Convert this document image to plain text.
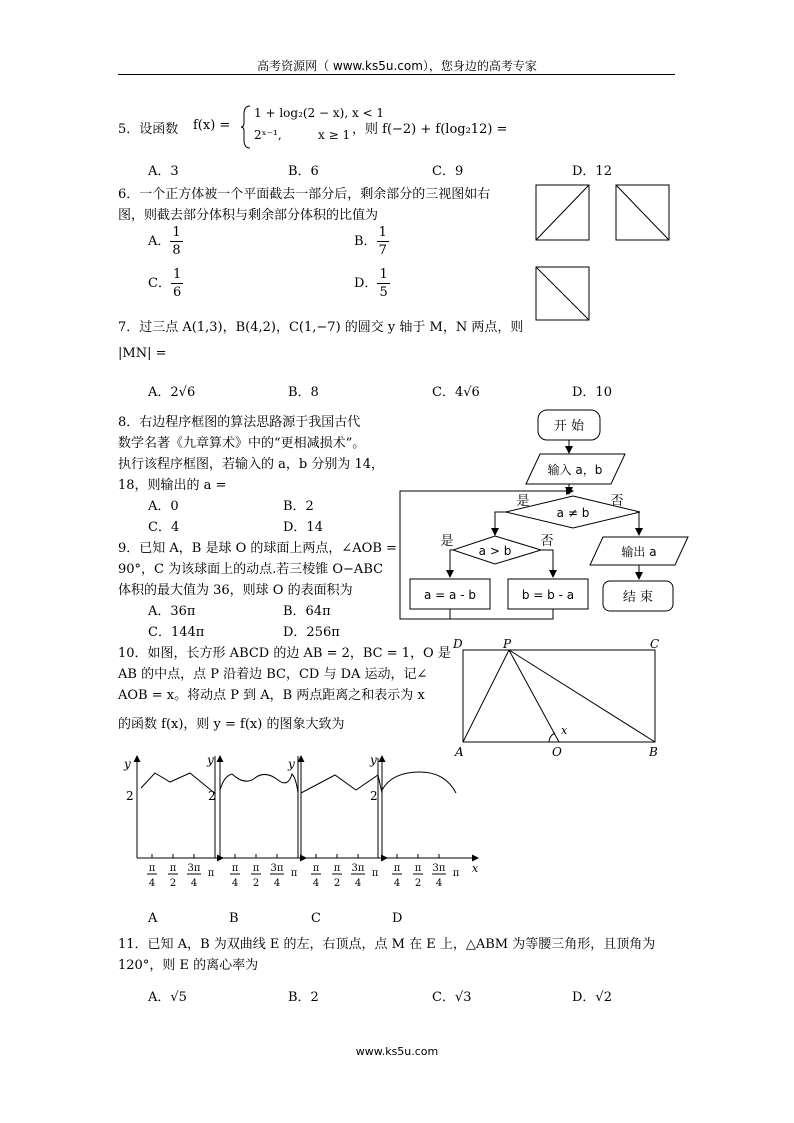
高考资源网（ www.ks5u.com），您身边的高考专家
www.ks5u.com
5．设函数 f(x) =
1 + log₂(2 − x), x < 1
2ˣ⁻¹,	x ≥ 1 ，则 f(−2) + f(log₂12) =
A．3	B．6	C．9	D．12
6．一个正方体被一个平面截去一部分后，剩余部分的三视图如右
图，则截去部分体积与剩余部分体积的比值为
A． $\frac{1}{8}$	B． $\frac{1}{7}$
C． $\frac{1}{6}$	D． $\frac{1}{5}$
7．过三点 A(1,3)，B(4,2)，C(1,−7) 的圆交 y 轴于 M，N 两点，则
|MN| =
A．2√6	B．8	C．4√6	D．10
8．右边程序框图的算法思路源于我国古代
数学名著《九章算术》中的“更相减损术”。
执行该程序框图，若输入的 a，b 分别为 14，
18，则输出的 a =
A．0	B．2
C．4	D．14
开 始
输入 a，b
a ≠ b
是	否
a > b
是	否
a = a - b	b = b - a
输出 a
结 束
9．已知 A，B 是球 O 的球面上两点，∠AOB =
90°，C 为该球面上的动点.若三棱锥 O−ABC
体积的最大值为 36，则球 O 的表面积为
A．36π	B．64π
C．144π	D．256π
10．如图，长方形 ABCD 的边 AB = 2，BC = 1，O 是
AB 的中点，点 P 沿着边 BC，CD 与 DA 运动，记∠
AOB = x。将动点 P 到 A，B 两点距离之和表示为 x
的函数 f(x)，则 y = f(x) 的图象大致为
D	P	C
A	O	B
x
y
2
y
2
y	y
2
x
π
4
π
2
3π
4
π π
4
π
2
3π
4
π π
4
π
2
3π
4
π π
4
π
2
3π
4
π
A	B	C	D
11．已知 A，B 为双曲线 E 的左，右顶点，点 M 在 E 上，△ABM 为等腰三角形，且顶角为
120°，则 E 的离心率为
A．√5	B．2	C．√3	D．√2
